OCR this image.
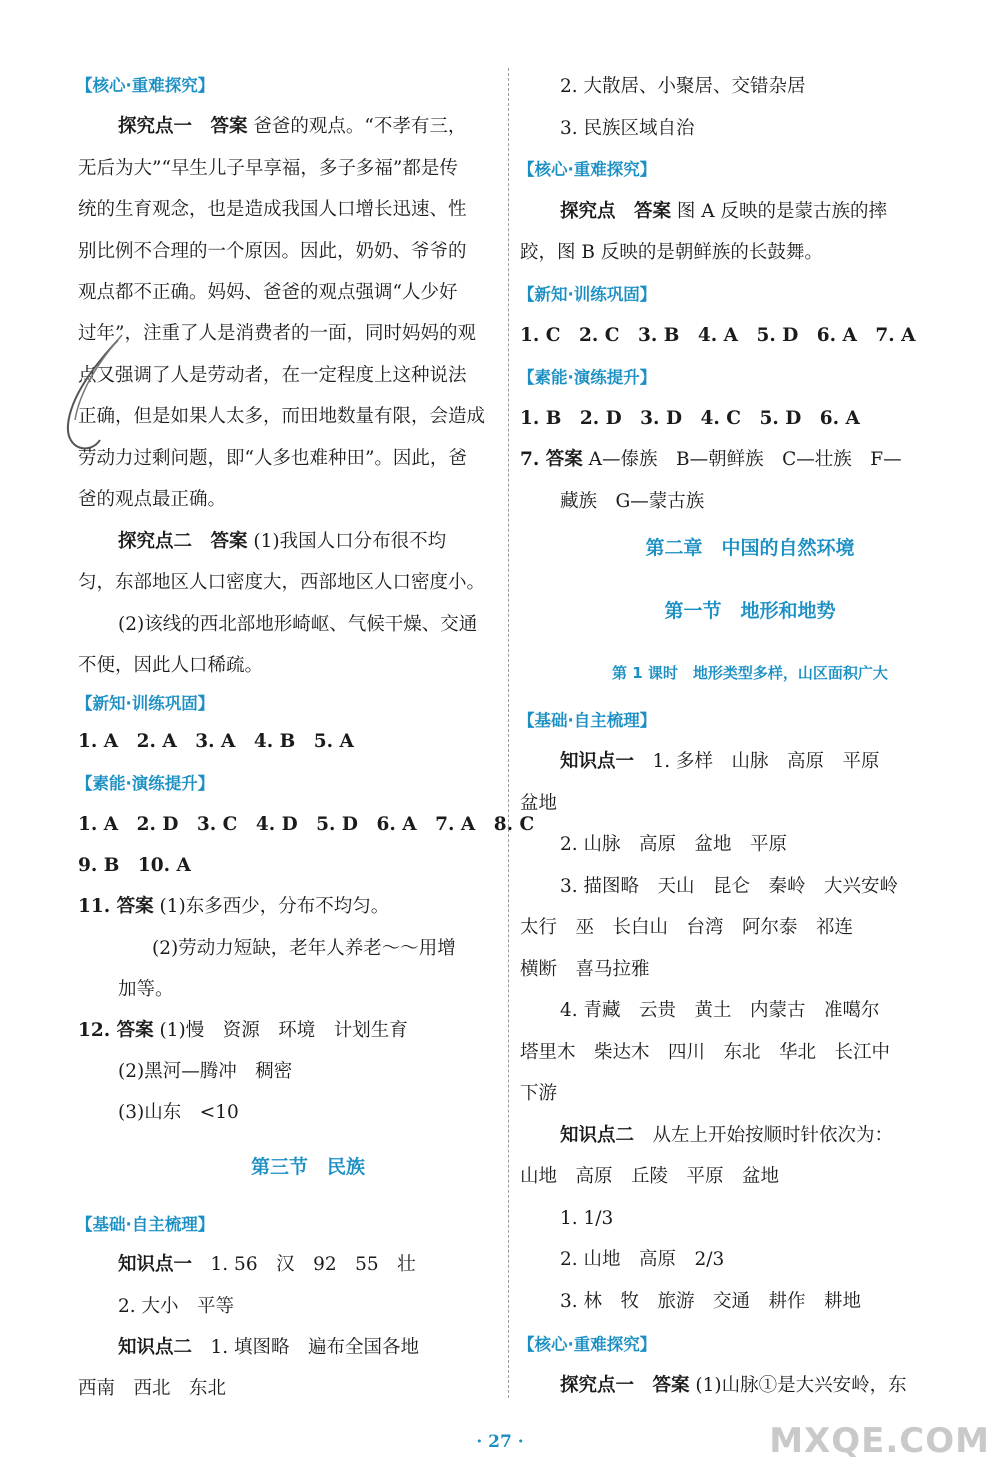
【核心·重难探究】
探究点一　答案 爸爸的观点。“不孝有三，
无后为大”“早生儿子早享福，多子多福”都是传
统的生育观念，也是造成我国人口增长迅速、性
别比例不合理的一个原因。因此，奶奶、爷爷的
观点都不正确。妈妈、爸爸的观点强调“人少好
过年”，注重了人是消费者的一面，同时妈妈的观
点又强调了人是劳动者，在一定程度上这种说法
正确，但是如果人太多，而田地数量有限，会造成
劳动力过剩问题，即“人多也难种田”。因此，爸
爸的观点最正确。
探究点二　答案 (1)我国人口分布很不均
匀，东部地区人口密度大，西部地区人口密度小。
(2)该线的西北部地形崎岖、气候干燥、交通
不便，因此人口稀疏。
【新知·训练巩固】
1. A　2. A　3. A　4. B　5. A
【素能·演练提升】
1. A　2. D　3. C　4. D　5. D　6. A　7. A　8. C
9. B　10. A
11. 答案 (1)东多西少，分布不均匀。
(2)劳动力短缺，老年人养老～～用增
加等。
12. 答案 (1)慢　资源　环境　计划生育
(2)黑河—腾冲　稠密
(3)山东　<10
第三节　民族
【基础·自主梳理】
知识点一　1. 56　汉　92　55　壮
2. 大小　平等
知识点二　1. 填图略　遍布全国各地
西南　西北　东北
2. 大散居、小聚居、交错杂居
3. 民族区域自治
【核心·重难探究】
探究点　答案 图 A 反映的是蒙古族的摔
跤，图 B 反映的是朝鲜族的长鼓舞。
【新知·训练巩固】
1. C　2. C　3. B　4. A　5. D　6. A　7. A
【素能·演练提升】
1. B　2. D　3. D　4. C　5. D　6. A
7. 答案 A—傣族　B—朝鲜族　C—壮族　F—
藏族　G—蒙古族
第二章　中国的自然环境
第一节　地形和地势
第 1 课时　地形类型多样，山区面积广大
【基础·自主梳理】
知识点一　1. 多样　山脉　高原　平原
盆地
2. 山脉　高原　盆地　平原
3. 描图略　天山　昆仑　秦岭　大兴安岭
太行　巫　长白山　台湾　阿尔泰　祁连
横断　喜马拉雅
4. 青藏　云贵　黄土　内蒙古　准噶尔
塔里木　柴达木　四川　东北　华北　长江中
下游
知识点二　从左上开始按顺时针依次为：
山地　高原　丘陵　平原　盆地
1. 1/3
2. 山地　高原　2/3
3. 林　牧　旅游　交通　耕作　耕地
【核心·重难探究】
探究点一　答案 (1)山脉①是大兴安岭，东
· 27 ·	MXQE.COM
